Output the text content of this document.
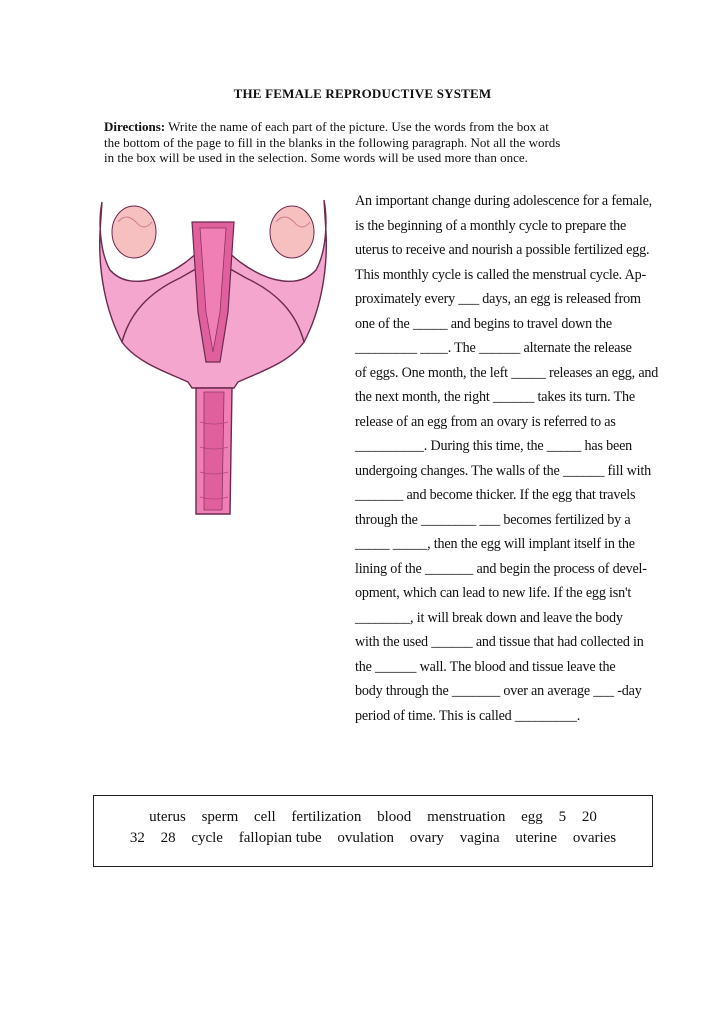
THE FEMALE REPRODUCTIVE SYSTEM
Directions: Write the name of each part of the picture. Use the words from the box at
the bottom of the page to fill in the blanks in the following paragraph. Not all the words
in the box will be used in the selection. Some words will be used more than once.
An important change during adolescence for a female,
is the beginning of a monthly cycle to prepare the
uterus to receive and nourish a possible fertilized egg.
This monthly cycle is called the menstrual cycle. Ap-
proximately every ___ days, an egg is released from
one of the _____ and begins to travel down the
_________ ____. The ______ alternate the release
of eggs. One month, the left _____ releases an egg, and
the next month, the right ______ takes its turn. The
release of an egg from an ovary is referred to as
__________. During this time, the _____ has been
undergoing changes. The walls of the ______ fill with
_______ and become thicker. If the egg that travels
through the ________ ___ becomes fertilized by a
_____ _____, then the egg will implant itself in the
lining of the _______ and begin the process of devel-
opment, which can lead to new life. If the egg isn't
________, it will break down and leave the body
with the used ______ and tissue that had collected in
the ______ wall. The blood and tissue leave the
body through the _______ over an average ___ -day
period of time. This is called _________.
uterus sperm cell fertilization blood menstruation egg 5 20
32 28 cycle fallopian tube ovulation ovary vagina uterine ovaries
